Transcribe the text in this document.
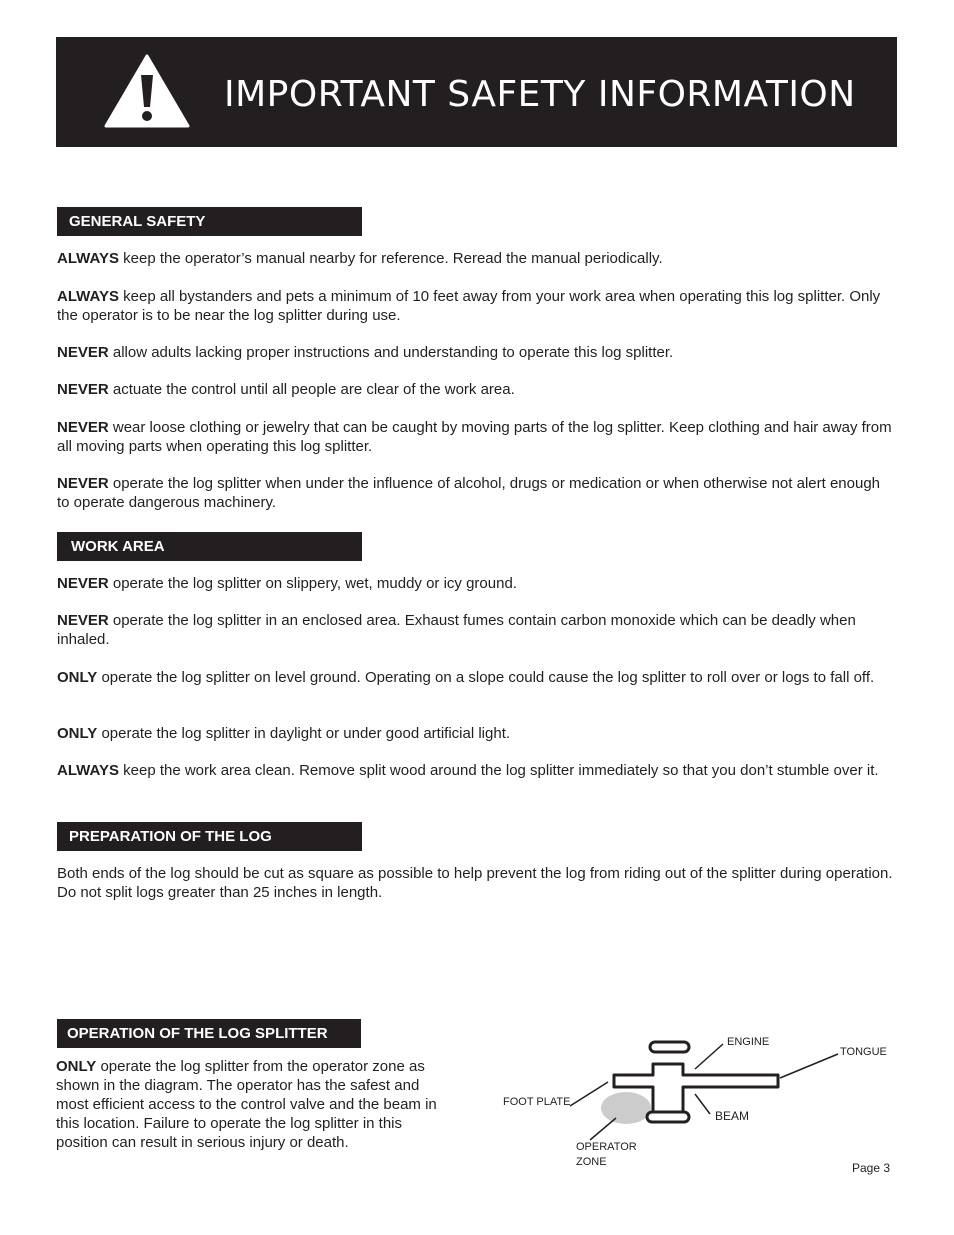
IMPORTANT SAFETY INFORMATION
GENERAL SAFETY

ALWAYS keep the operator’s manual nearby for reference. Reread the manual periodically.

ALWAYS keep all bystanders and pets a minimum of 10 feet away from your work area when operating this log splitter. Only the operator is to be near the log splitter during use.

NEVER allow adults lacking proper instructions and understanding to operate this log splitter.

NEVER actuate the control until all people are clear of the work area.

NEVER wear loose clothing or jewelry that can be caught by moving parts of the log splitter. Keep clothing and hair away from all moving parts when operating this log splitter.

NEVER operate the log splitter when under the influence of alcohol, drugs or medication or when otherwise not alert enough to operate dangerous machinery.

WORK AREA

NEVER operate the log splitter on slippery, wet, muddy or icy ground.

NEVER operate the log splitter in an enclosed area. Exhaust fumes contain carbon monoxide which can be deadly when inhaled.

ONLY operate the log splitter on level ground. Operating on a slope could cause the log splitter to roll over or logs to fall off.

ONLY operate the log splitter in daylight or under good artificial light.

ALWAYS keep the work area clean. Remove split wood around the log splitter immediately so that you don’t stumble over it.

PREPARATION OF THE LOG

Both ends of the log should be cut as square as possible to help prevent the log from riding out of the splitter during operation. Do not split logs greater than 25 inches in length.

OPERATION OF THE LOG SPLITTER

ONLY operate the log splitter from the operator zone as shown in the diagram. The operator has the safest and most efficient access to the control valve and the beam in this location. Failure to operate the log splitter in this position can result in serious injury or death.

ENGINE
TONGUE
FOOT PLATE
BEAM
OPERATOR
ZONE	Page 3
